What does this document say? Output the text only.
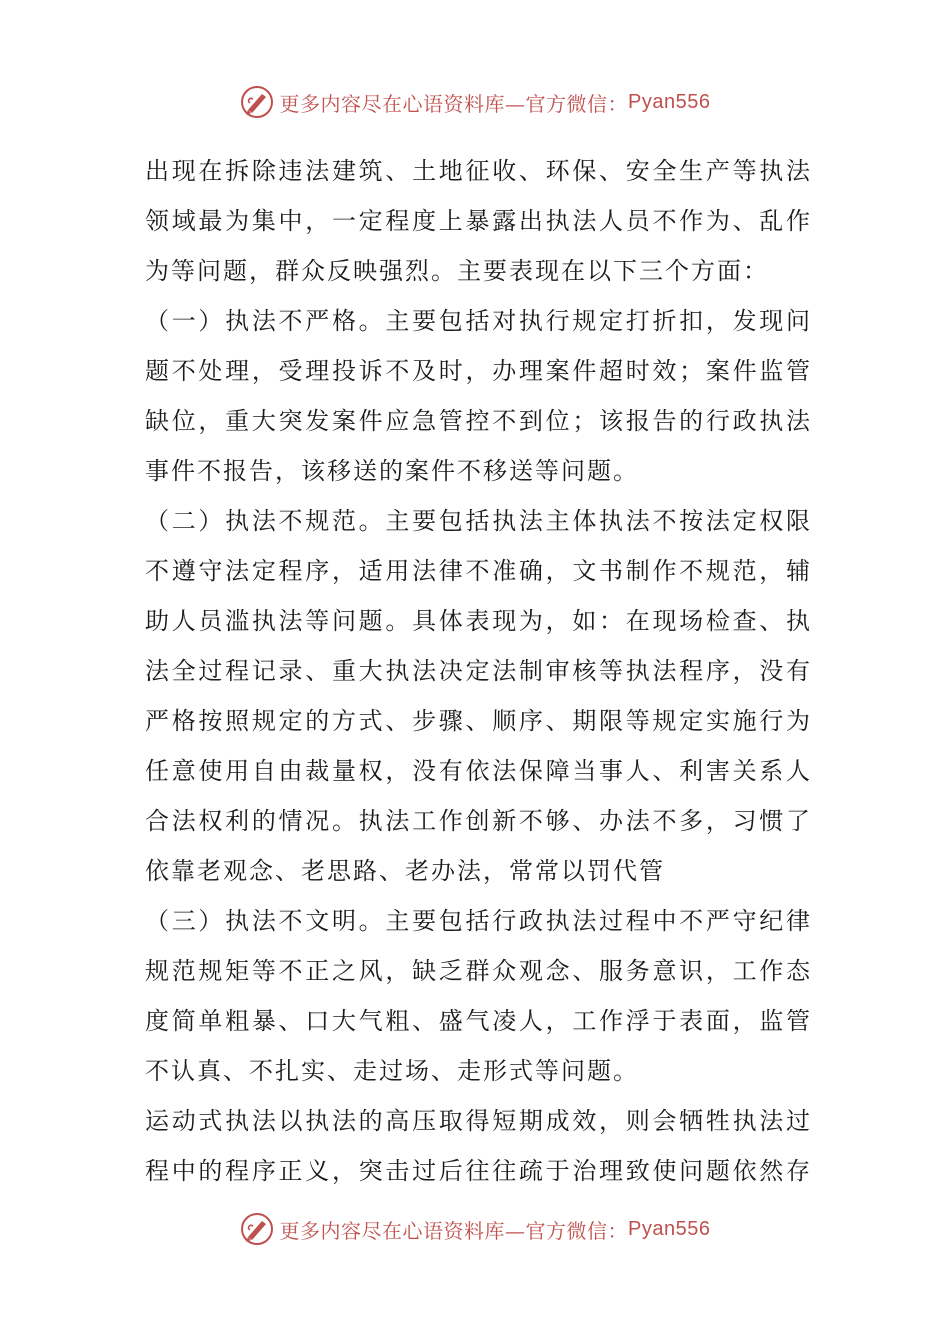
更多内容尽在心语资料库—官方微信： Pyan556
出现在拆除违法建筑、土地征收、环保、安全生产等执法
领域最为集中，一定程度上暴露出执法人员不作为、乱作
为等问题，群众反映强烈。主要表现在以下三个方面：
（一）执法不严格。主要包括对执行规定打折扣，发现问
题不处理，受理投诉不及时，办理案件超时效；案件监管
缺位，重大突发案件应急管控不到位；该报告的行政执法
事件不报告，该移送的案件不移送等问题。
（二）执法不规范。主要包括执法主体执法不按法定权限
不遵守法定程序，适用法律不准确，文书制作不规范，辅
助人员滥执法等问题。具体表现为，如：在现场检查、执
法全过程记录、重大执法决定法制审核等执法程序，没有
严格按照规定的方式、步骤、顺序、期限等规定实施行为
任意使用自由裁量权，没有依法保障当事人、利害关系人
合法权利的情况。执法工作创新不够、办法不多，习惯了
依靠老观念、老思路、老办法，常常以罚代管
（三）执法不文明。主要包括行政执法过程中不严守纪律
规范规矩等不正之风，缺乏群众观念、服务意识，工作态
度简单粗暴、口大气粗、盛气凌人，工作浮于表面，监管
不认真、不扎实、走过场、走形式等问题。
运动式执法以执法的高压取得短期成效，则会牺牲执法过
程中的程序正义，突击过后往往疏于治理致使问题依然存
更多内容尽在心语资料库—官方微信： Pyan556
